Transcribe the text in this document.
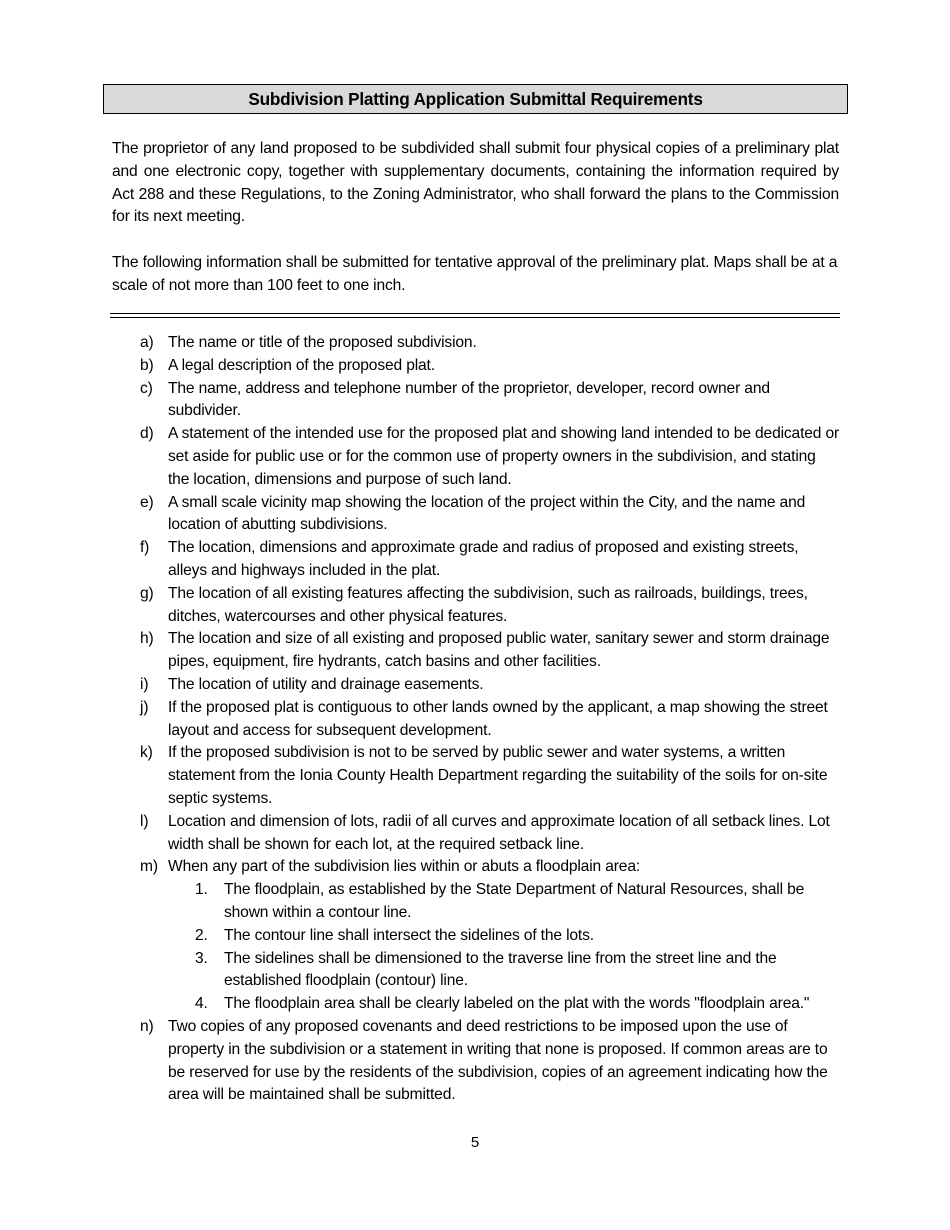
Subdivision Platting Application Submittal Requirements
The proprietor of any land proposed to be subdivided shall submit four physical copies of a preliminary plat and one electronic copy, together with supplementary documents, containing the information required by Act 288 and these Regulations, to the Zoning Administrator, who shall forward the plans to the Commission for its next meeting.
The following information shall be submitted for tentative approval of the preliminary plat. Maps shall be at a scale of not more than 100 feet to one inch.
a) The name or title of the proposed subdivision.
b) A legal description of the proposed plat.
c) The name, address and telephone number of the proprietor, developer, record owner and subdivider.
d) A statement of the intended use for the proposed plat and showing land intended to be dedicated or set aside for public use or for the common use of property owners in the subdivision, and stating the location, dimensions and purpose of such land.
e) A small scale vicinity map showing the location of the project within the City, and the name and location of abutting subdivisions.
f) The location, dimensions and approximate grade and radius of proposed and existing streets, alleys and highways included in the plat.
g) The location of all existing features affecting the subdivision, such as railroads, buildings, trees, ditches, watercourses and other physical features.
h) The location and size of all existing and proposed public water, sanitary sewer and storm drainage pipes, equipment, fire hydrants, catch basins and other facilities.
i) The location of utility and drainage easements.
j) If the proposed plat is contiguous to other lands owned by the applicant, a map showing the street layout and access for subsequent development.
k) If the proposed subdivision is not to be served by public sewer and water systems, a written statement from the Ionia County Health Department regarding the suitability of the soils for on-site septic systems.
l) Location and dimension of lots, radii of all curves and approximate location of all setback lines. Lot width shall be shown for each lot, at the required setback line.
m) When any part of the subdivision lies within or abuts a floodplain area:
1. The floodplain, as established by the State Department of Natural Resources, shall be shown within a contour line.
2. The contour line shall intersect the sidelines of the lots.
3. The sidelines shall be dimensioned to the traverse line from the street line and the established floodplain (contour) line.
4. The floodplain area shall be clearly labeled on the plat with the words "floodplain area."
n) Two copies of any proposed covenants and deed restrictions to be imposed upon the use of property in the subdivision or a statement in writing that none is proposed. If common areas are to be reserved for use by the residents of the subdivision, copies of an agreement indicating how the area will be maintained shall be submitted.
5
